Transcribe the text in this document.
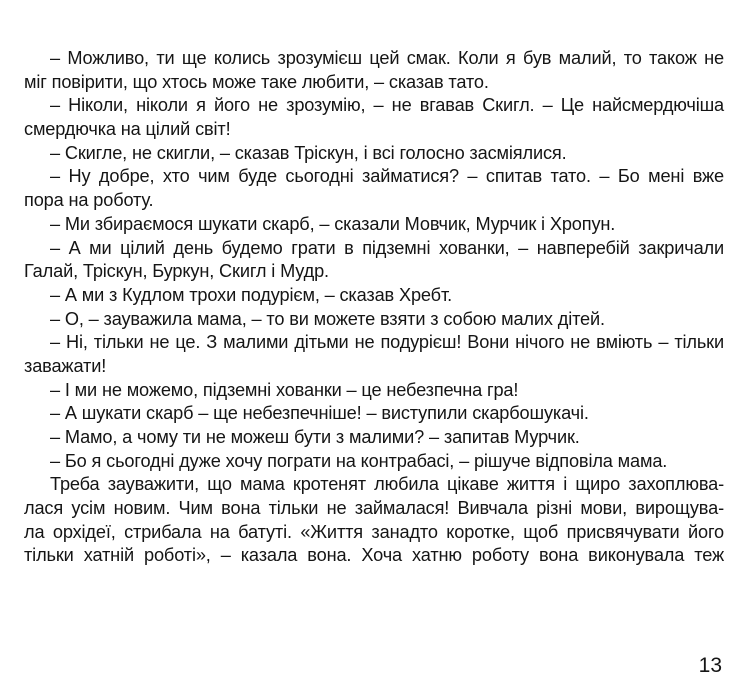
– Можливо, ти ще колись зрозумієш цей смак. Коли я був малий, то також не
міг повірити, що хтось може таке любити, – сказав тато.
– Ніколи, ніколи я його не зрозумію, – не вгавав Скигл. – Це найсмердючіша
смердючка на цілий світ!
– Скигле, не скигли, – сказав Трiскун, і всі голосно засміялися.
– Ну добре, хто чим буде сьогодні займатися? – спитав тато. – Бо мені вже
пора на роботу.
– Ми збираємося шукати скарб, – сказали Мовчик, Мурчик і Хропун.
– А ми цілий день будемо грати в підземні хованки, – навперебій закричали
Галай, Тріскун, Буркун, Скигл і Мудр.
– А ми з Кудлом трохи подурієм, – сказав Хребт.
– О, – зауважила мама, – то ви можете взяти з собою малих дітей.
– Ні, тільки не це. З малими дітьми не подурієш! Вони нічого не вміють – тільки
заважати!
– І ми не можемо, підземні хованки – це небезпечна гра!
– А шукати скарб – ще небезпечніше! – виступили скарбошукачі.
– Мамо, а чому ти не можеш бути з малими? – запитав Мурчик.
– Бо я сьогодні дуже хочу пограти на контрабасі, – рішуче відповіла мама.
Треба зауважити, що мама кротенят любила цікаве життя і щиро захоплюва-
лася усім новим. Чим вона тільки не займалася! Вивчала різні мови, вирощува-
ла орхідеї, стрибала на батуті. «Життя занадто коротке, щоб присвячувати його
тільки хатній роботі», – казала вона. Хоча хатню роботу вона виконувала теж
13
